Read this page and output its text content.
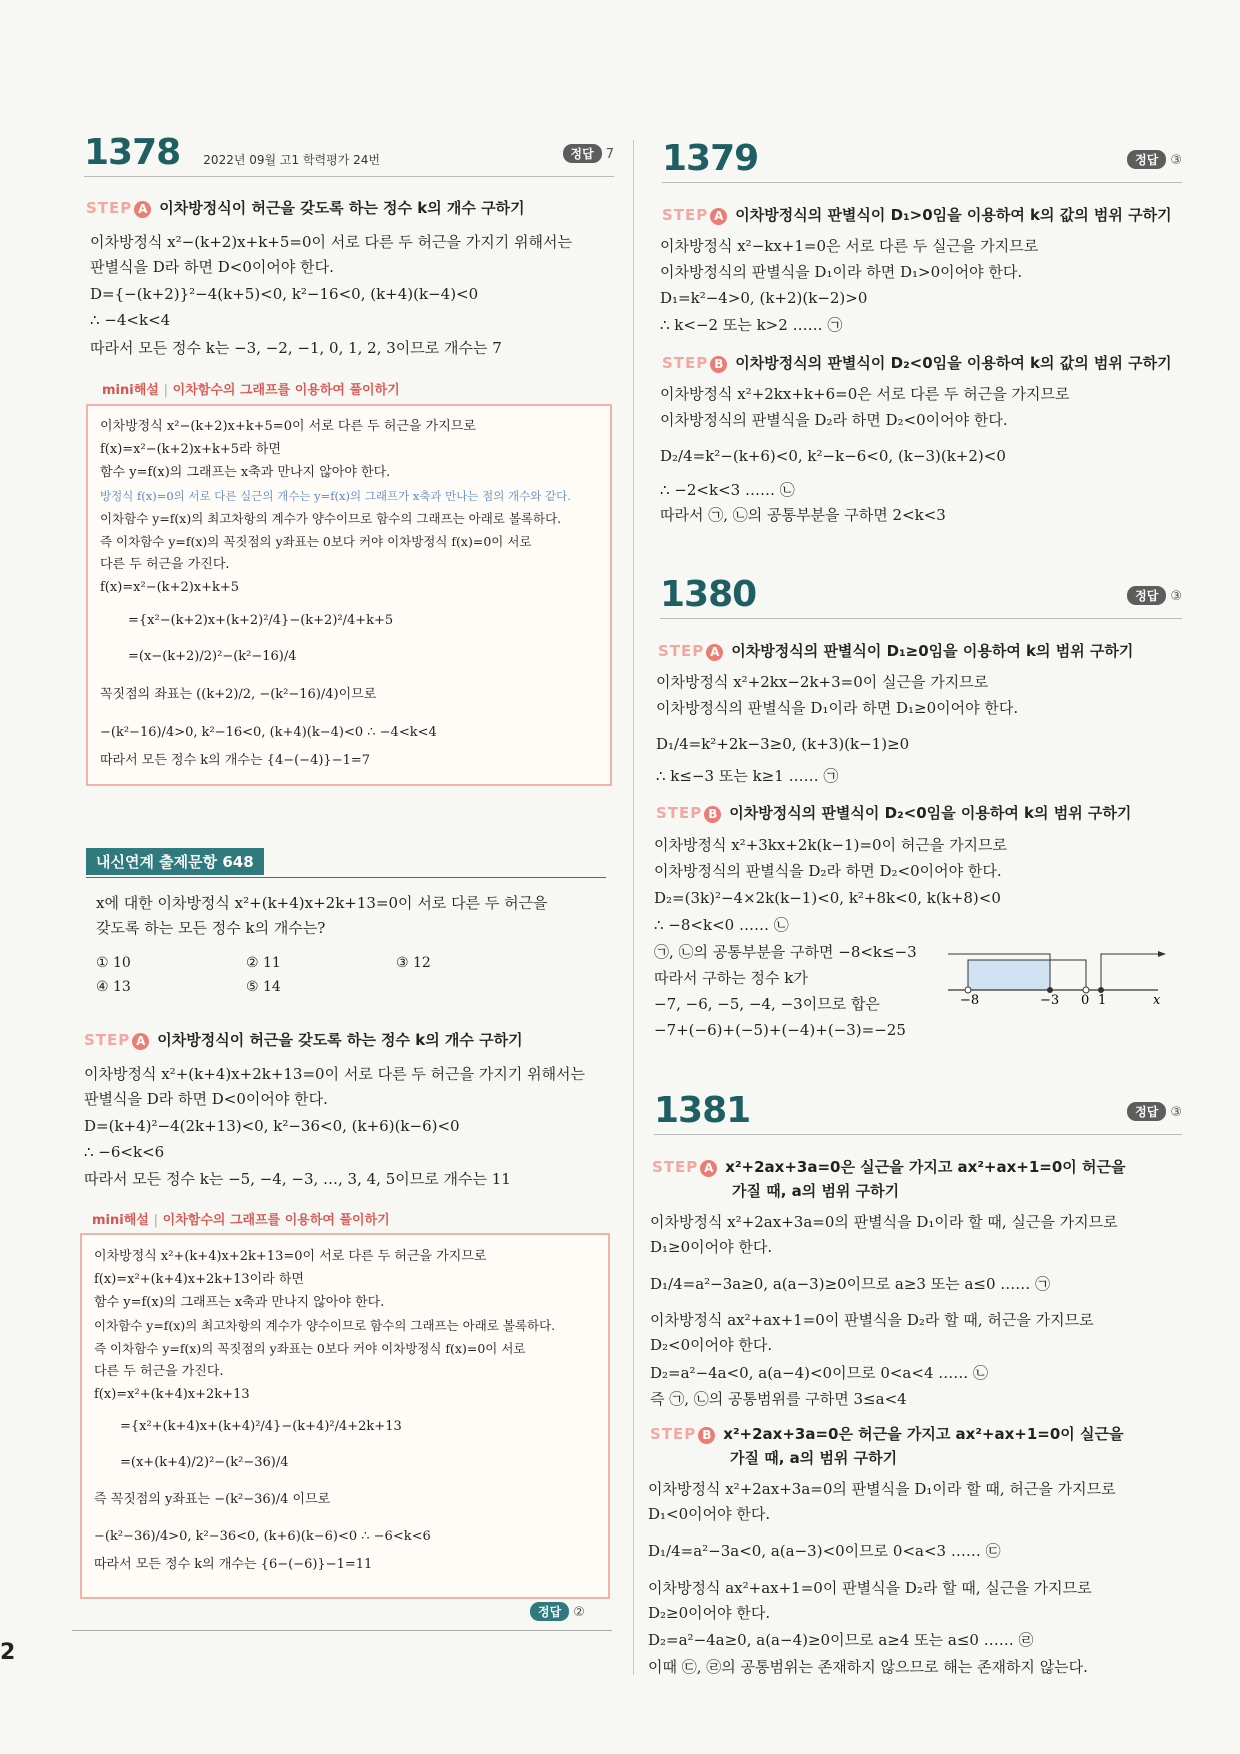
1378 2022년 09월 고1 학력평가 24번	정답 7
STEP A 이차방정식이 허근을 갖도록 하는 정수 k의 개수 구하기
이차방정식 x²−(k+2)x+k+5=0이 서로 다른 두 허근을 가지기 위해서는
판별식을 D라 하면 D<0이어야 한다.
D={−(k+2)}²−4(k+5)<0, k²−16<0, (k+4)(k−4)<0
∴ −4<k<4
따라서 모든 정수 k는 −3, −2, −1, 0, 1, 2, 3이므로 개수는 7
mini해설 | 이차함수의 그래프를 이용하여 풀이하기
이차방정식 x²−(k+2)x+k+5=0이 서로 다른 두 허근을 가지므로
f(x)=x²−(k+2)x+k+5라 하면
함수 y=f(x)의 그래프는 x축과 만나지 않아야 한다.
방정식 f(x)=0의 서로 다른 실근의 개수는 y=f(x)의 그래프가 x축과 만나는 점의 개수와 같다.
이차함수 y=f(x)의 최고차항의 계수가 양수이므로 함수의 그래프는 아래로 볼록하다.
즉 이차함수 y=f(x)의 꼭짓점의 y좌표는 0보다 커야 이차방정식 f(x)=0이 서로
다른 두 허근을 가진다.
f(x)=x²−(k+2)x+k+5
={x²−(k+2)x+(k+2)²/4}−(k+2)²/4+k+5
=(x−(k+2)/2)²−(k²−16)/4
꼭짓점의 좌표는 ((k+2)/2, −(k²−16)/4)이므로
−(k²−16)/4>0, k²−16<0, (k+4)(k−4)<0 ∴ −4<k<4
따라서 모든 정수 k의 개수는 {4−(−4)}−1=7
내신연계 출제문항 648
x에 대한 이차방정식 x²+(k+4)x+2k+13=0이 서로 다른 두 허근을
갖도록 하는 모든 정수 k의 개수는?
① 10	② 11	③ 12
④ 13	⑤ 14
STEP A 이차방정식이 허근을 갖도록 하는 정수 k의 개수 구하기
이차방정식 x²+(k+4)x+2k+13=0이 서로 다른 두 허근을 가지기 위해서는
판별식을 D라 하면 D<0이어야 한다.
D=(k+4)²−4(2k+13)<0, k²−36<0, (k+6)(k−6)<0
∴ −6<k<6
따라서 모든 정수 k는 −5, −4, −3, …, 3, 4, 5이므로 개수는 11
mini해설 | 이차함수의 그래프를 이용하여 풀이하기
이차방정식 x²+(k+4)x+2k+13=0이 서로 다른 두 허근을 가지므로
f(x)=x²+(k+4)x+2k+13이라 하면
함수 y=f(x)의 그래프는 x축과 만나지 않아야 한다.
이차함수 y=f(x)의 최고차항의 계수가 양수이므로 함수의 그래프는 아래로 볼록하다.
즉 이차함수 y=f(x)의 꼭짓점의 y좌표는 0보다 커야 이차방정식 f(x)=0이 서로
다른 두 허근을 가진다.
f(x)=x²+(k+4)x+2k+13
={x²+(k+4)x+(k+4)²/4}−(k+4)²/4+2k+13
=(x+(k+4)/2)²−(k²−36)/4
즉 꼭짓점의 y좌표는 −(k²−36)/4 이므로
−(k²−36)/4>0, k²−36<0, (k+6)(k−6)<0 ∴ −6<k<6
따라서 모든 정수 k의 개수는 {6−(−6)}−1=11
정답 ②
2
1379	정답 ③
STEP A 이차방정식의 판별식이 D₁>0임을 이용하여 k의 값의 범위 구하기
이차방정식 x²−kx+1=0은 서로 다른 두 실근을 가지므로
이차방정식의 판별식을 D₁이라 하면 D₁>0이어야 한다.
D₁=k²−4>0, (k+2)(k−2)>0
∴ k<−2 또는 k>2 …… ㉠
STEP B 이차방정식의 판별식이 D₂<0임을 이용하여 k의 값의 범위 구하기
이차방정식 x²+2kx+k+6=0은 서로 다른 두 허근을 가지므로
이차방정식의 판별식을 D₂라 하면 D₂<0이어야 한다.
D₂/4=k²−(k+6)<0, k²−k−6<0, (k−3)(k+2)<0
∴ −2<k<3 …… ㉡
따라서 ㉠, ㉡의 공통부분을 구하면 2<k<3
1380	정답 ③
STEP A 이차방정식의 판별식이 D₁≥0임을 이용하여 k의 범위 구하기
이차방정식 x²+2kx−2k+3=0이 실근을 가지므로
이차방정식의 판별식을 D₁이라 하면 D₁≥0이어야 한다.
D₁/4=k²+2k−3≥0, (k+3)(k−1)≥0
∴ k≤−3 또는 k≥1 …… ㉠
STEP B 이차방정식의 판별식이 D₂<0임을 이용하여 k의 범위 구하기
이차방정식 x²+3kx+2k(k−1)=0이 허근을 가지므로
이차방정식의 판별식을 D₂라 하면 D₂<0이어야 한다.
D₂=(3k)²−4×2k(k−1)<0, k²+8k<0, k(k+8)<0
∴ −8<k<0 …… ㉡
㉠, ㉡의 공통부분을 구하면 −8<k≤−3
따라서 구하는 정수 k가
−7, −6, −5, −4, −3이므로 합은
−7+(−6)+(−5)+(−4)+(−3)=−25
−8	−3 0 1	x
1381	정답 ③
STEP A x²+2ax+3a=0은 실근을 가지고 ax²+ax+1=0이 허근을
가질 때, a의 범위 구하기
이차방정식 x²+2ax+3a=0의 판별식을 D₁이라 할 때, 실근을 가지므로
D₁≥0이어야 한다.
D₁/4=a²−3a≥0, a(a−3)≥0이므로 a≥3 또는 a≤0 …… ㉠
이차방정식 ax²+ax+1=0이 판별식을 D₂라 할 때, 허근을 가지므로
D₂<0이어야 한다.
D₂=a²−4a<0, a(a−4)<0이므로 0<a<4 …… ㉡
즉 ㉠, ㉡의 공통범위를 구하면 3≤a<4
STEP B x²+2ax+3a=0은 허근을 가지고 ax²+ax+1=0이 실근을
가질 때, a의 범위 구하기
이차방정식 x²+2ax+3a=0의 판별식을 D₁이라 할 때, 허근을 가지므로
D₁<0이어야 한다.
D₁/4=a²−3a<0, a(a−3)<0이므로 0<a<3 …… ㉢
이차방정식 ax²+ax+1=0이 판별식을 D₂라 할 때, 실근을 가지므로
D₂≥0이어야 한다.
D₂=a²−4a≥0, a(a−4)≥0이므로 a≥4 또는 a≤0 …… ㉣
이때 ㉢, ㉣의 공통범위는 존재하지 않으므로 해는 존재하지 않는다.
